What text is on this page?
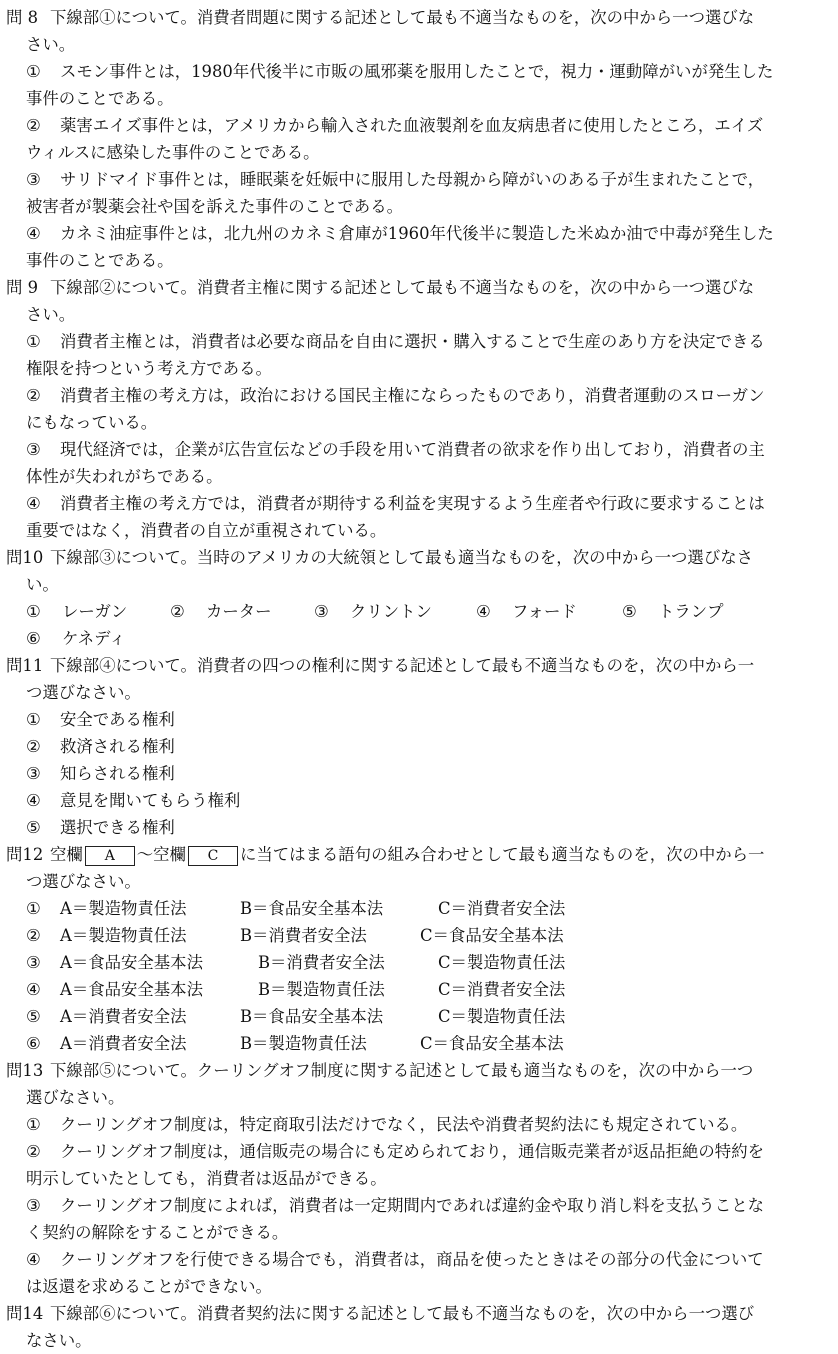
問 8 下線部①について。消費者問題に関する記述として最も不適当なものを，次の中から一つ選びな

さい。

① スモン事件とは，1980年代後半に市販の風邪薬を服用したことで，視力・運動障がいが発生した

事件のことである。

② 薬害エイズ事件とは，アメリカから輸入された血液製剤を血友病患者に使用したところ，エイズ

ウィルスに感染した事件のことである。

③ サリドマイド事件とは，睡眠薬を妊娠中に服用した母親から障がいのある子が生まれたことで，

被害者が製薬会社や国を訴えた事件のことである。

④ カネミ油症事件とは，北九州のカネミ倉庫が1960年代後半に製造した米ぬか油で中毒が発生した

事件のことである。

問 9 下線部②について。消費者主権に関する記述として最も不適当なものを，次の中から一つ選びな

さい。

① 消費者主権とは，消費者は必要な商品を自由に選択・購入することで生産のあり方を決定できる

権限を持つという考え方である。

② 消費者主権の考え方は，政治における国民主権にならったものであり，消費者運動のスローガン

にもなっている。

③ 現代経済では，企業が広告宣伝などの手段を用いて消費者の欲求を作り出しており，消費者の主

体性が失われがちである。

④ 消費者主権の考え方では，消費者が期待する利益を実現するよう生産者や行政に要求することは

重要ではなく，消費者の自立が重視されている。

問10 下線部③について。当時のアメリカの大統領として最も適当なものを，次の中から一つ選びなさ

い。

① レーガン	② カーター	③ クリントン	④ フォード	⑤ トランプ
⑥ ケネディ

問11 下線部④について。消費者の四つの権利に関する記述として最も不適当なものを，次の中から一

つ選びなさい。

① 安全である権利

② 救済される権利

③ 知らされる権利

④ 意見を聞いてもらう権利

⑤ 選択できる権利

問12 空欄 A ～空欄 C に当てはまる語句の組み合わせとして最も適当なものを，次の中から一

つ選びなさい。

① A＝製造物責任法	B＝食品安全基本法	C＝消費者安全法
② A＝製造物責任法	B＝消費者安全法	C＝食品安全基本法
③ A＝食品安全基本法	B＝消費者安全法	C＝製造物責任法
④ A＝食品安全基本法	B＝製造物責任法	C＝消費者安全法
⑤ A＝消費者安全法	B＝食品安全基本法	C＝製造物責任法
⑥ A＝消費者安全法	B＝製造物責任法	C＝食品安全基本法

問13 下線部⑤について。クーリングオフ制度に関する記述として最も適当なものを，次の中から一つ

選びなさい。

① クーリングオフ制度は，特定商取引法だけでなく，民法や消費者契約法にも規定されている。

② クーリングオフ制度は，通信販売の場合にも定められており，通信販売業者が返品拒絶の特約を

明示していたとしても，消費者は返品ができる。

③ クーリングオフ制度によれば，消費者は一定期間内であれば違約金や取り消し料を支払うことな

く契約の解除をすることができる。

④ クーリングオフを行使できる場合でも，消費者は，商品を使ったときはその部分の代金について

は返還を求めることができない。

問14 下線部⑥について。消費者契約法に関する記述として最も不適当なものを，次の中から一つ選び

なさい。
